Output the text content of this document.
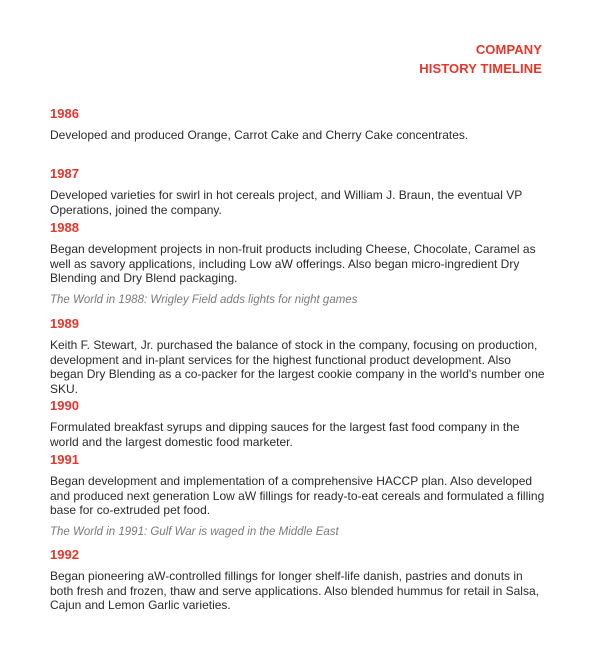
COMPANY
HISTORY TIMELINE
1986
Developed and produced Orange, Carrot Cake and Cherry Cake concentrates.
1987
Developed varieties for swirl in hot cereals project, and William J. Braun, the eventual VP Operations, joined the company.
1988
Began development projects in non-fruit products including Cheese, Chocolate, Caramel as well as savory applications, including Low aW offerings. Also began micro-ingredient Dry Blending and Dry Blend packaging.
The World in 1988: Wrigley Field adds lights for night games
1989
Keith F. Stewart, Jr. purchased the balance of stock in the company, focusing on production, development and in-plant services for the highest functional product development. Also began Dry Blending as a co-packer for the largest cookie company in the world's number one SKU.
1990
Formulated breakfast syrups and dipping sauces for the largest fast food company in the world and the largest domestic food marketer.
1991
Began development and implementation of a comprehensive HACCP plan. Also developed and produced next generation Low aW fillings for ready-to-eat cereals and formulated a filling base for co-extruded pet food.
The World in 1991: Gulf War is waged in the Middle East
1992
Began pioneering aW-controlled fillings for longer shelf-life danish, pastries and donuts in both fresh and frozen, thaw and serve applications. Also blended hummus for retail in Salsa, Cajun and Lemon Garlic varieties.
